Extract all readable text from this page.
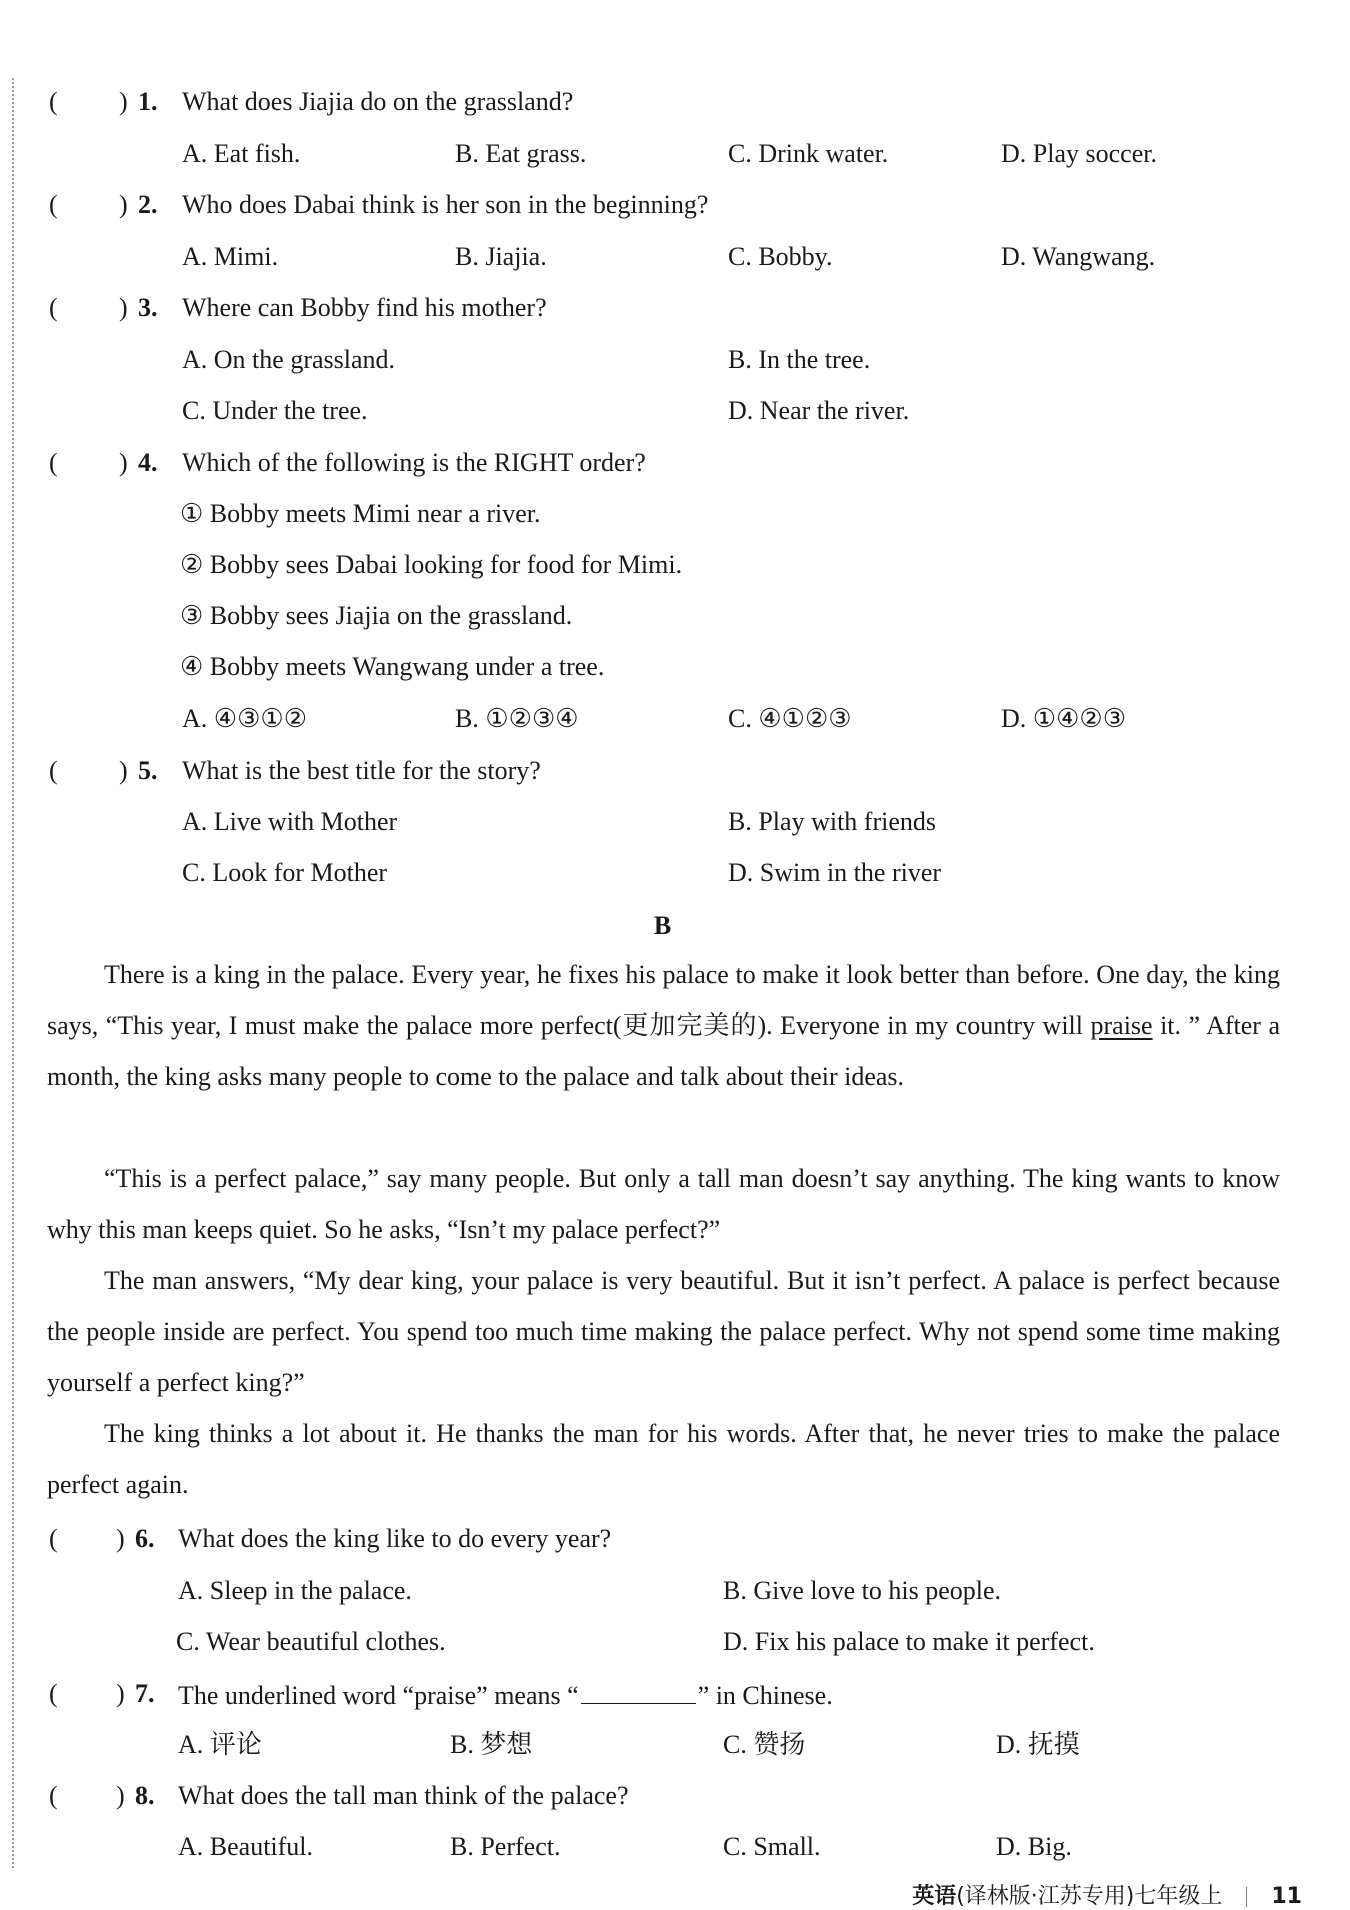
( ) 1. What does Jiajia do on the grassland?
A. Eat fish.	B. Eat grass.	C. Drink water.	D. Play soccer.
( ) 2. Who does Dabai think is her son in the beginning?
A. Mimi.	B. Jiajia.	C. Bobby.	D. Wangwang.
( ) 3. Where can Bobby find his mother?
A. On the grassland.	B. In the tree.
C. Under the tree.	D. Near the river.
( ) 4. Which of the following is the RIGHT order?
① Bobby meets Mimi near a river.
② Bobby sees Dabai looking for food for Mimi.
③ Bobby sees Jiajia on the grassland.
④ Bobby meets Wangwang under a tree.
A. ④③①②	B. ①②③④	C. ④①②③	D. ①④②③
( ) 5. What is the best title for the story?
A. Live with Mother	B. Play with friends
C. Look for Mother	D. Swim in the river
B
There is a king in the palace. Every year, he fixes his palace to make it look better than before. One day, the king says, “This year, I must make the palace more perfect(更加完美的). Everyone in my country will praise it. ” After a month, the king asks many people to come to the palace and talk about their ideas.
“This is a perfect palace,” say many people. But only a tall man doesn’t say anything. The king wants to know why this man keeps quiet. So he asks, “Isn’t my palace perfect?”
The man answers, “My dear king, your palace is very beautiful. But it isn’t perfect. A palace is perfect because the people inside are perfect. You spend too much time making the palace perfect. Why not spend some time making yourself a perfect king?”
The king thinks a lot about it. He thanks the man for his words. After that, he never tries to make the palace perfect again.
( ) 6. What does the king like to do every year?
A. Sleep in the palace.	B. Give love to his people.
C. Wear beautiful clothes.	D. Fix his palace to make it perfect.
( ) 7. The underlined word “praise” means “	” in Chinese.
A. 评论	B. 梦想	C. 赞扬	D. 抚摸
( ) 8. What does the tall man think of the palace?
A. Beautiful.	B. Perfect.	C. Small.	D. Big.
英语(译林版·江苏专用)七年级上 11
